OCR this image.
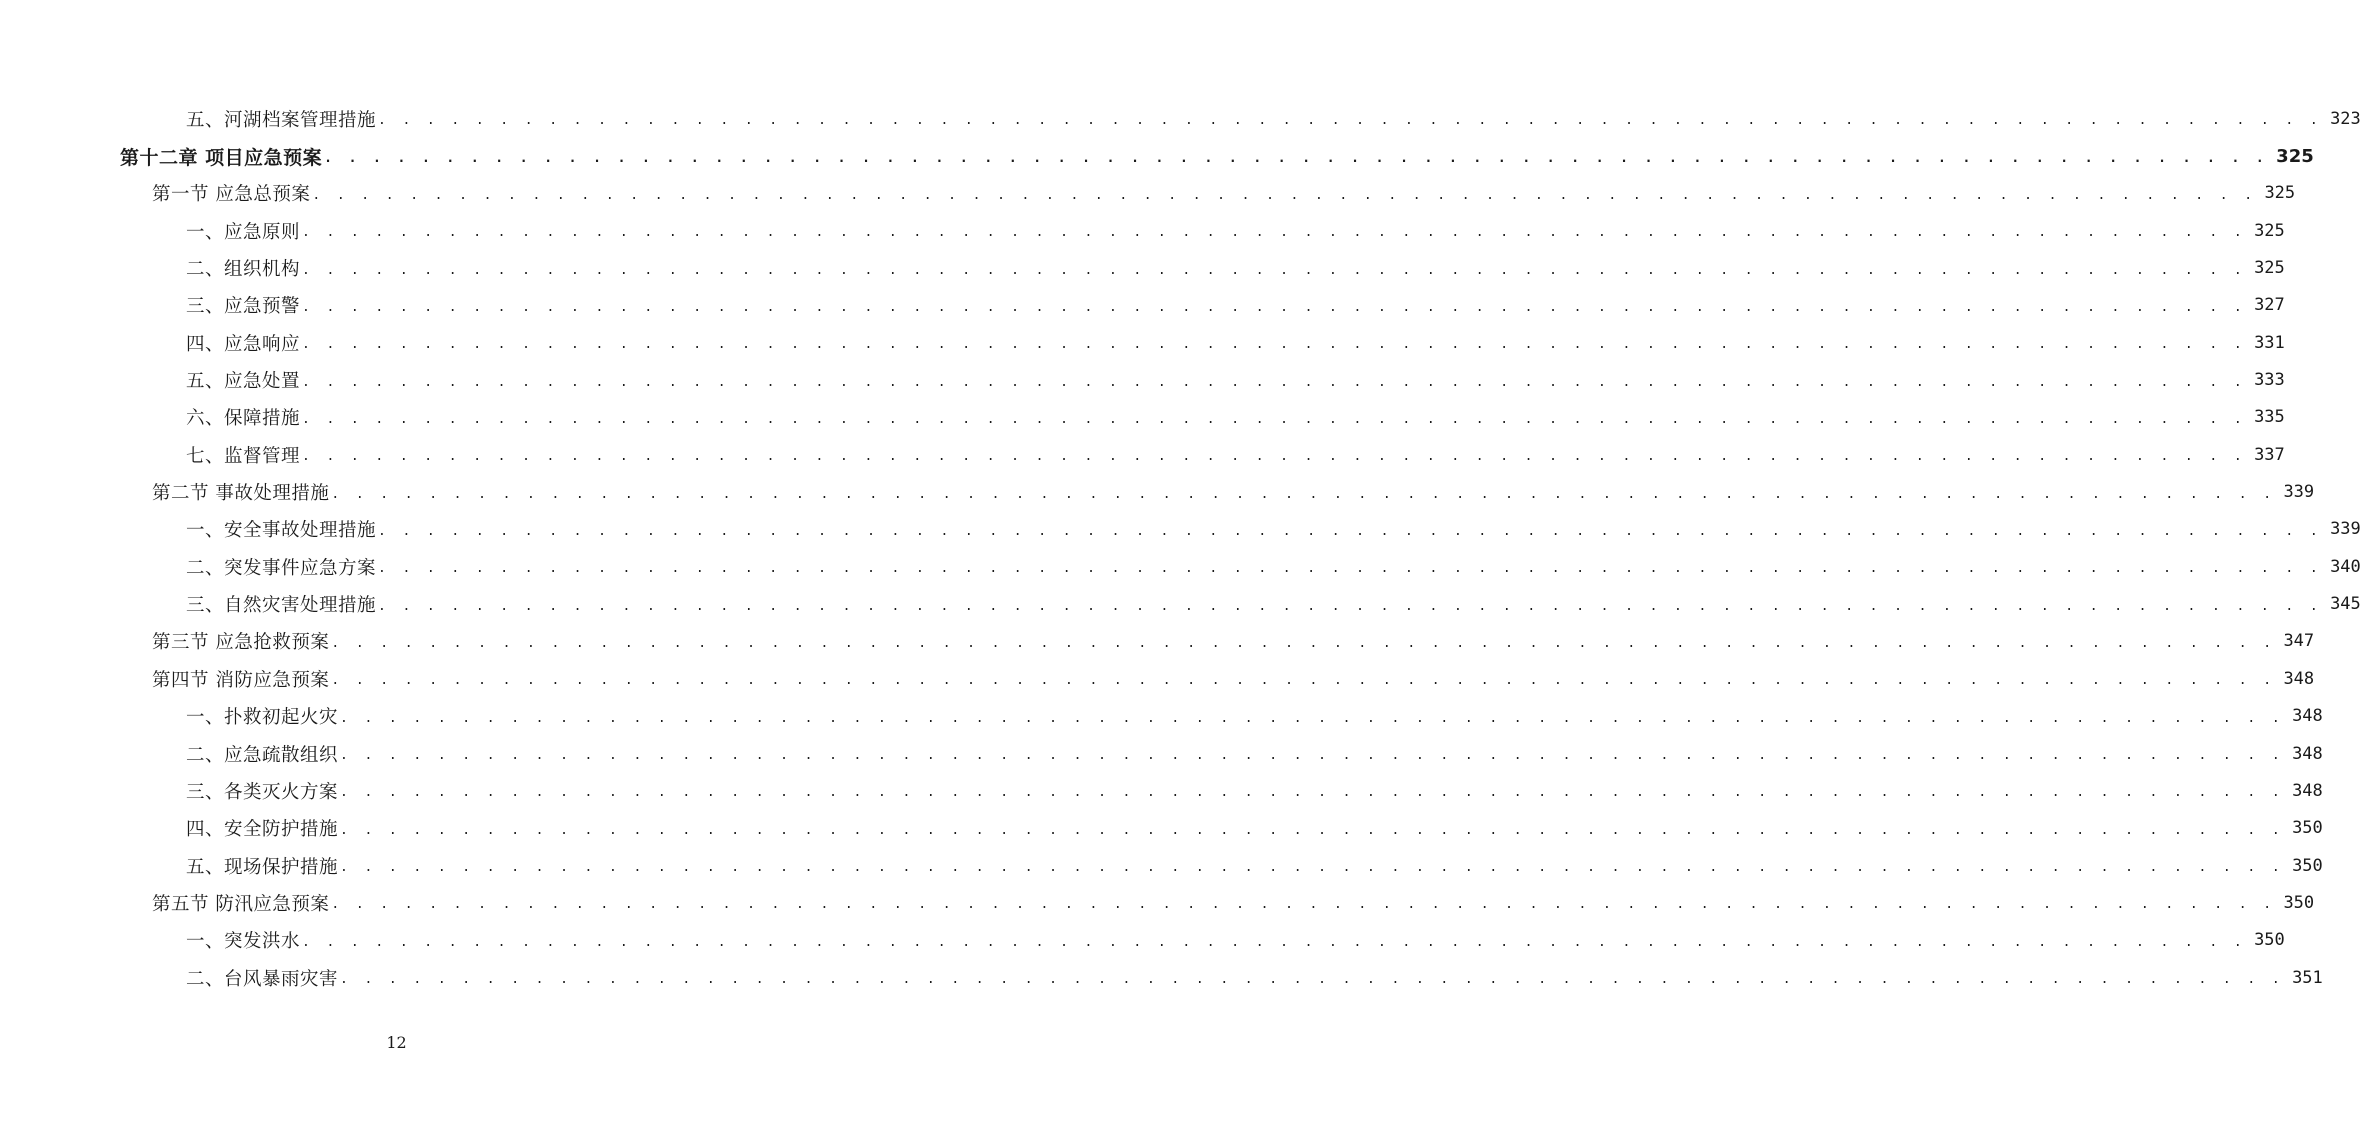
五、河湖档案管理措施 . . . . . . . . . . . . . . . . . . . . . . . . . . . . . . . . . . . . . . . . . . . . . . . . . . . . . . . . . . . . . . . . . . . . . . . . . . . . . . . . 323
第十二章 项目应急预案 . . . . . . . . . . . . . . . . . . . . . . . . . . . . . . . . . . . . . . . . . . . . . . . . . . . . . . . . . . . . . . . . . . . . . . . . . . . . . . . . 325
第一节 应急总预案 . . . . . . . . . . . . . . . . . . . . . . . . . . . . . . . . . . . . . . . . . . . . . . . . . . . . . . . . . . . . . . . . . . . . . . . . . . . . . . . . 325
一、应急原则 . . . . . . . . . . . . . . . . . . . . . . . . . . . . . . . . . . . . . . . . . . . . . . . . . . . . . . . . . . . . . . . . . . . . . . . . . . . . . . . . 325
二、组织机构 . . . . . . . . . . . . . . . . . . . . . . . . . . . . . . . . . . . . . . . . . . . . . . . . . . . . . . . . . . . . . . . . . . . . . . . . . . . . . . . . 325
三、应急预警 . . . . . . . . . . . . . . . . . . . . . . . . . . . . . . . . . . . . . . . . . . . . . . . . . . . . . . . . . . . . . . . . . . . . . . . . . . . . . . . . 327
四、应急响应 . . . . . . . . . . . . . . . . . . . . . . . . . . . . . . . . . . . . . . . . . . . . . . . . . . . . . . . . . . . . . . . . . . . . . . . . . . . . . . . . 331
五、应急处置 . . . . . . . . . . . . . . . . . . . . . . . . . . . . . . . . . . . . . . . . . . . . . . . . . . . . . . . . . . . . . . . . . . . . . . . . . . . . . . . . 333
六、保障措施 . . . . . . . . . . . . . . . . . . . . . . . . . . . . . . . . . . . . . . . . . . . . . . . . . . . . . . . . . . . . . . . . . . . . . . . . . . . . . . . . 335
七、监督管理 . . . . . . . . . . . . . . . . . . . . . . . . . . . . . . . . . . . . . . . . . . . . . . . . . . . . . . . . . . . . . . . . . . . . . . . . . . . . . . . . 337
第二节 事故处理措施 . . . . . . . . . . . . . . . . . . . . . . . . . . . . . . . . . . . . . . . . . . . . . . . . . . . . . . . . . . . . . . . . . . . . . . . . . . . . . . . . 339
一、安全事故处理措施 . . . . . . . . . . . . . . . . . . . . . . . . . . . . . . . . . . . . . . . . . . . . . . . . . . . . . . . . . . . . . . . . . . . . . . . . . . . . . . . . 339
二、突发事件应急方案 . . . . . . . . . . . . . . . . . . . . . . . . . . . . . . . . . . . . . . . . . . . . . . . . . . . . . . . . . . . . . . . . . . . . . . . . . . . . . . . . 340
三、自然灾害处理措施 . . . . . . . . . . . . . . . . . . . . . . . . . . . . . . . . . . . . . . . . . . . . . . . . . . . . . . . . . . . . . . . . . . . . . . . . . . . . . . . . 345
第三节 应急抢救预案 . . . . . . . . . . . . . . . . . . . . . . . . . . . . . . . . . . . . . . . . . . . . . . . . . . . . . . . . . . . . . . . . . . . . . . . . . . . . . . . . 347
第四节 消防应急预案 . . . . . . . . . . . . . . . . . . . . . . . . . . . . . . . . . . . . . . . . . . . . . . . . . . . . . . . . . . . . . . . . . . . . . . . . . . . . . . . . 348
一、扑救初起火灾 . . . . . . . . . . . . . . . . . . . . . . . . . . . . . . . . . . . . . . . . . . . . . . . . . . . . . . . . . . . . . . . . . . . . . . . . . . . . . . . . 348
二、应急疏散组织 . . . . . . . . . . . . . . . . . . . . . . . . . . . . . . . . . . . . . . . . . . . . . . . . . . . . . . . . . . . . . . . . . . . . . . . . . . . . . . . . 348
三、各类灭火方案 . . . . . . . . . . . . . . . . . . . . . . . . . . . . . . . . . . . . . . . . . . . . . . . . . . . . . . . . . . . . . . . . . . . . . . . . . . . . . . . . 348
四、安全防护措施 . . . . . . . . . . . . . . . . . . . . . . . . . . . . . . . . . . . . . . . . . . . . . . . . . . . . . . . . . . . . . . . . . . . . . . . . . . . . . . . . 350
五、现场保护措施 . . . . . . . . . . . . . . . . . . . . . . . . . . . . . . . . . . . . . . . . . . . . . . . . . . . . . . . . . . . . . . . . . . . . . . . . . . . . . . . . 350
第五节 防汛应急预案 . . . . . . . . . . . . . . . . . . . . . . . . . . . . . . . . . . . . . . . . . . . . . . . . . . . . . . . . . . . . . . . . . . . . . . . . . . . . . . . . 350
一、突发洪水 . . . . . . . . . . . . . . . . . . . . . . . . . . . . . . . . . . . . . . . . . . . . . . . . . . . . . . . . . . . . . . . . . . . . . . . . . . . . . . . . 350
二、台风暴雨灾害 . . . . . . . . . . . . . . . . . . . . . . . . . . . . . . . . . . . . . . . . . . . . . . . . . . . . . . . . . . . . . . . . . . . . . . . . . . . . . . . . 351
12
